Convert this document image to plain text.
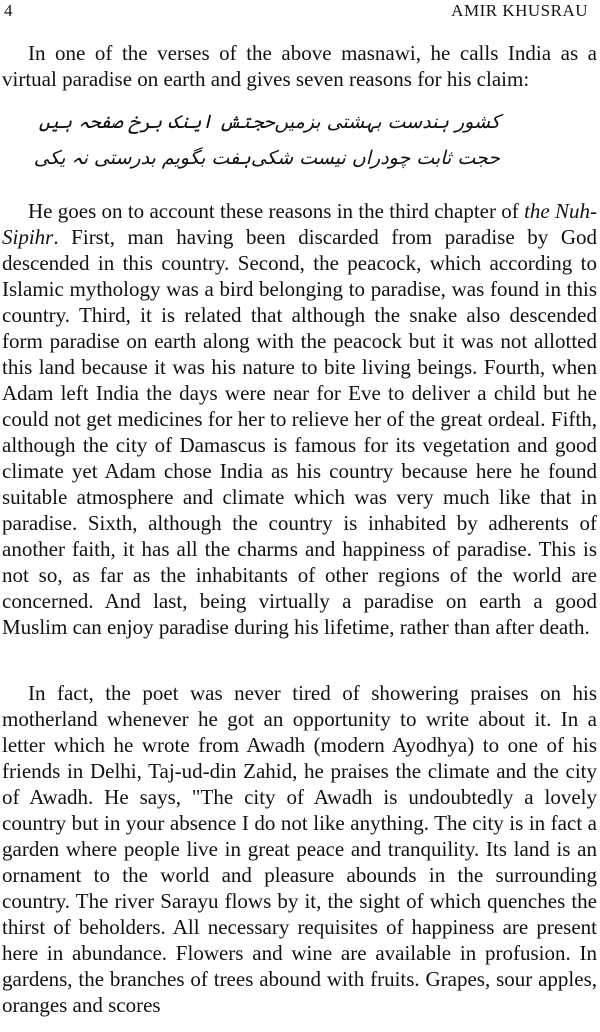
4	AMIR KHUSRAU

In one of the verses of the above masnawi, he calls India as a virtual paradise on earth and gives seven reasons for his claim:

کشور ہندست بہشتی بزمیں
حجتش اینک برخ صفحہ ہیں
حجت ثابت چودراں نیست شکی
ہفت بگویم بدرستی نہ یکی

He goes on to account these reasons in the third chapter of the Nuh-Sipihr. First, man having been discarded from paradise by God descended in this country. Second, the peacock, which according to Islamic mythology was a bird belonging to paradise, was found in this country. Third, it is related that although the snake also descended form paradise on earth along with the peacock but it was not allotted this land because it was his nature to bite living beings. Fourth, when Adam left India the days were near for Eve to deliver a child but he could not get medicines for her to relieve her of the great ordeal. Fifth, although the city of Damascus is famous for its vegetation and good climate yet Adam chose India as his country because here he found suitable atmosphere and climate which was very much like that in paradise. Sixth, although the country is inhabited by adherents of another faith, it has all the charms and happiness of paradise. This is not so, as far as the inhabitants of other regions of the world are concerned. And last, being virtually a paradise on earth a good Muslim can enjoy paradise during his lifetime, rather than after death.

In fact, the poet was never tired of showering praises on his motherland whenever he got an opportunity to write about it. In a letter which he wrote from Awadh (modern Ayodhya) to one of his friends in Delhi, Taj-ud-din Zahid, he praises the climate and the city of Awadh. He says, "The city of Awadh is undoubtedly a lovely country but in your absence I do not like anything. The city is in fact a garden where people live in great peace and tranquility. Its land is an ornament to the world and pleasure abounds in the surrounding country. The river Sarayu flows by it, the sight of which quenches the thirst of beholders. All necessary requisites of happiness are present here in abundance. Flowers and wine are available in profusion. In gardens, the branches of trees abound with fruits. Grapes, sour apples, oranges and scores
